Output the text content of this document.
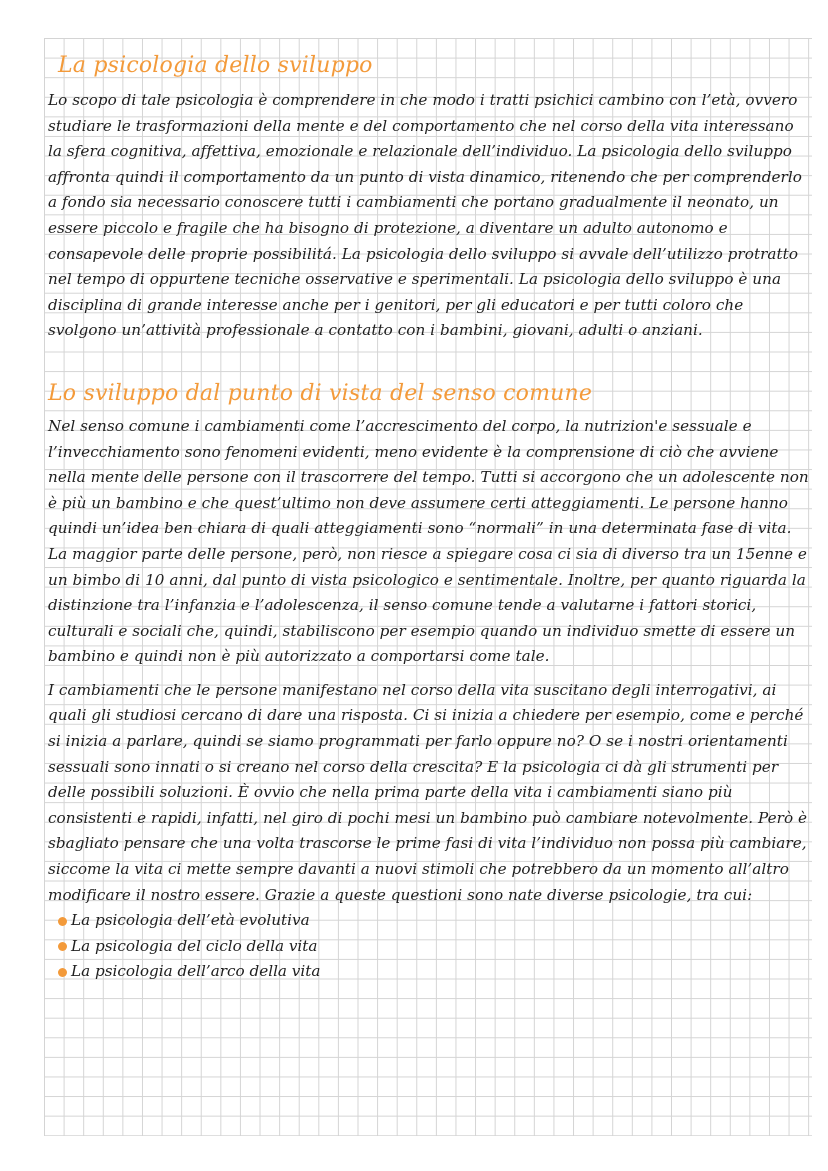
La psicologia dello sviluppo

Lo scopo di tale psicologia è comprendere in che modo i tratti psichici cambino con l’età, ovvero studiare le trasformazioni della mente e del comportamento che nel corso della vita interessano la sfera cognitiva, affettiva, emozionale e relazionale dell’individuo. La psicologia dello sviluppo affronta quindi il comportamento da un punto di vista dinamico, ritenendo che per comprenderlo a fondo sia necessario conoscere tutti i cambiamenti che portano gradualmente il neonato, un essere piccolo e fragile che ha bisogno di protezione, a diventare un adulto autonomo e consapevole delle proprie possibilitá. La psicologia dello sviluppo si avvale dell’utilizzo protratto nel tempo di oppurtene tecniche osservative e sperimentali. La psicologia dello sviluppo è una disciplina di grande interesse anche per i genitori, per gli educatori e per tutti coloro che svolgono un’attività professionale a contatto con i bambini, giovani, adulti o anziani.

Lo sviluppo dal punto di vista del senso comune

Nel senso comune i cambiamenti come l’accrescimento del corpo, la nutrizion'e sessuale e l’invecchiamento sono fenomeni evidenti, meno evidente è la comprensione di ciò che avviene nella mente delle persone con il trascorrere del tempo. Tutti si accorgono che un adolescente non è più un bambino e che quest’ultimo non deve assumere certi atteggiamenti. Le persone hanno quindi un’idea ben chiara di quali atteggiamenti sono “normali” in una determinata fase di vita. La maggior parte delle persone, però, non riesce a spiegare cosa ci sia di diverso tra un 15enne e un bimbo di 10 anni, dal punto di vista psicologico e sentimentale. Inoltre, per quanto riguarda la distinzione tra l’infanzia e l’adolescenza, il senso comune tende a valutarne i fattori storici, culturali e sociali che, quindi, stabiliscono per esempio quando un individuo smette di essere un bambino e quindi non è più autorizzato a comportarsi come tale.

I cambiamenti che le persone manifestano nel corso della vita suscitano degli interrogativi, ai quali gli studiosi cercano di dare una risposta. Ci si inizia a chiedere per esempio, come e perché si inizia a parlare, quindi se siamo programmati per farlo oppure no? O se i nostri orientamenti sessuali sono innati o si creano nel corso della crescita? E la psicologia ci dà gli strumenti per delle possibili soluzioni. È ovvio che nella prima parte della vita i cambiamenti siano più consistenti e rapidi, infatti, nel giro di pochi mesi un bambino può cambiare notevolmente. Però è sbagliato pensare che una volta trascorse le prime fasi di vita l’individuo non possa più cambiare, siccome la vita ci mette sempre davanti a nuovi stimoli che potrebbero da un momento all’altro modificare il nostro essere. Grazie a queste questioni sono nate diverse psicologie, tra cui:

La psicologia dell’età evolutiva
La psicologia del ciclo della vita
La psicologia dell’arco della vita
